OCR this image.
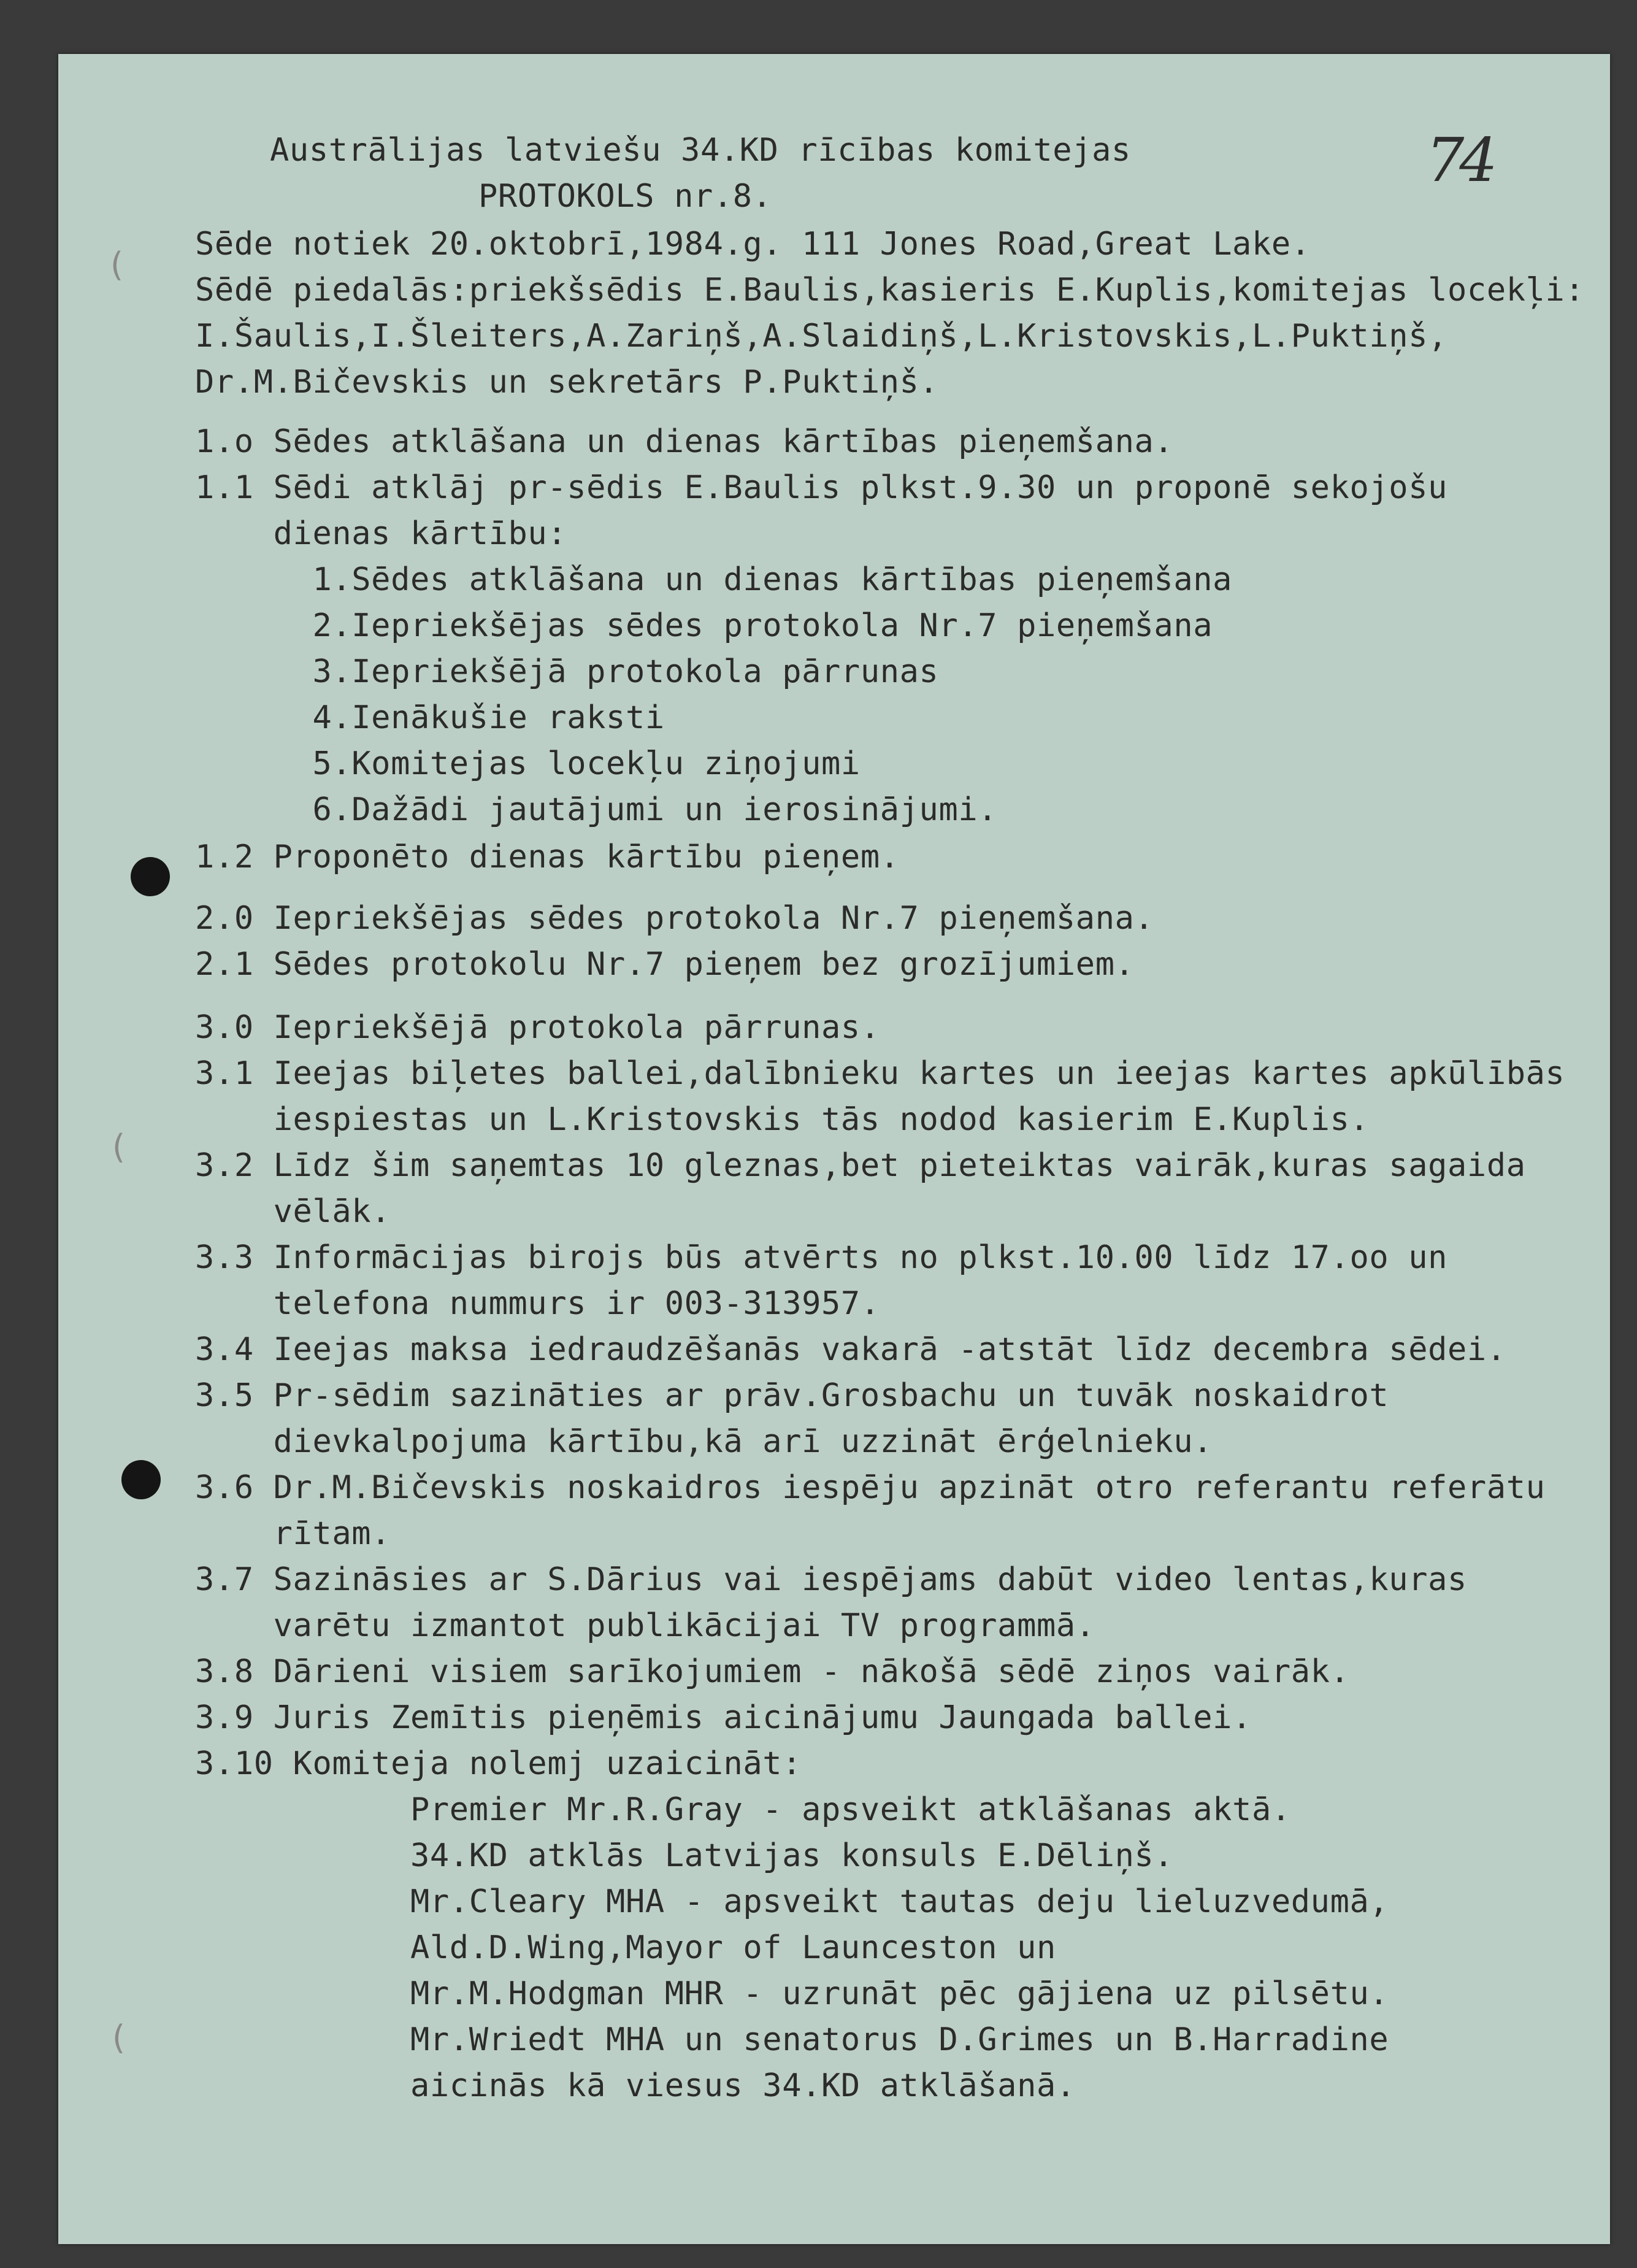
(
(
(
74
Austrālijas latviešu 34.KD rīcības komitejas
PROTOKOLS nr.8.
Sēde notiek 20.oktobrī,1984.g. 111 Jones Road,Great Lake.
Sēdē piedalās:priekšsēdis E.Baulis,kasieris E.Kuplis,komitejas locekļi:
I.Šaulis,I.Šleiters,A.Zariņš,A.Slaidiņš,L.Kristovskis,L.Puktiņš,
Dr.M.Bičevskis un sekretārs P.Puktiņš.
1.o Sēdes atklāšana un dienas kārtības pieņemšana.
1.1 Sēdi atklāj pr-sēdis E.Baulis plkst.9.30 un proponē sekojošu
dienas kārtību:
1.Sēdes atklāšana un dienas kārtības pieņemšana
2.Iepriekšējas sēdes protokola Nr.7 pieņemšana
3.Iepriekšējā protokola pārrunas
4.Ienākušie raksti
5.Komitejas locekļu ziņojumi
6.Dažādi jautājumi un ierosinājumi.
1.2 Proponēto dienas kārtību pieņem.
2.0 Iepriekšējas sēdes protokola Nr.7 pieņemšana.
2.1 Sēdes protokolu Nr.7 pieņem bez grozījumiem.
3.0 Iepriekšējā protokola pārrunas.
3.1 Ieejas biļetes ballei,dalībnieku kartes un ieejas kartes apkūlībās
iespiestas un L.Kristovskis tās nodod kasierim E.Kuplis.
3.2 Līdz šim saņemtas 10 gleznas,bet pieteiktas vairāk,kuras sagaida
vēlāk.
3.3 Informācijas birojs būs atvērts no plkst.10.00 līdz 17.oo un
telefona nummurs ir 003-313957.
3.4 Ieejas maksa iedraudzēšanās vakarā -atstāt līdz decembra sēdei.
3.5 Pr-sēdim sazināties ar prāv.Grosbachu un tuvāk noskaidrot
dievkalpojuma kārtību,kā arī uzzināt ērģelnieku.
3.6 Dr.M.Bičevskis noskaidros iespēju apzināt otro referantu referātu
rītam.
3.7 Sazināsies ar S.Dārius vai iespējams dabūt video lentas,kuras
varētu izmantot publikācijai TV programmā.
3.8 Dārieni visiem sarīkojumiem - nākošā sēdē ziņos vairāk.
3.9 Juris Zemītis pieņēmis aicinājumu Jaungada ballei.
3.10 Komiteja nolemj uzaicināt:
Premier Mr.R.Gray - apsveikt atklāšanas aktā.
34.KD atklās Latvijas konsuls E.Dēliņš.
Mr.Cleary MHA - apsveikt tautas deju lieluzvedumā,
Ald.D.Wing,Mayor of Launceston un
Mr.M.Hodgman MHR - uzrunāt pēc gājiena uz pilsētu.
Mr.Wriedt MHA un senatorus D.Grimes un B.Harradine
aicinās kā viesus 34.KD atklāšanā.
